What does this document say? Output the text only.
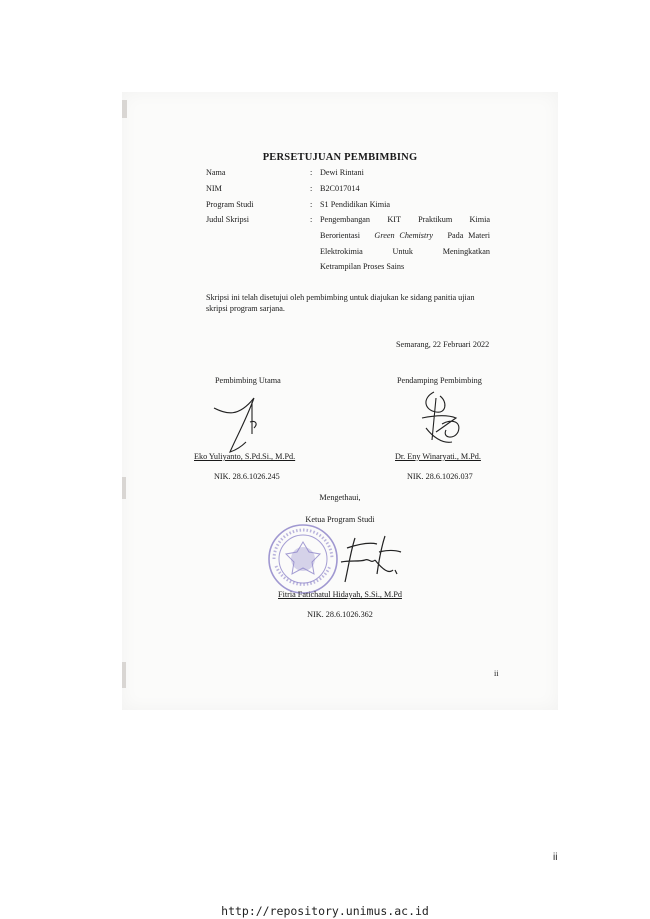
PERSETUJUAN PEMBIMBING
Nama	: Dewi Rintani
NIM	: B2C017014
Program Studi	: S1 Pendidikan Kimia
Judul Skripsi	: Pengembangan KIT Praktikum Kimia
Berorientasi Green Chemistry Pada Materi
Elektrokimia Untuk Meningkatkan
Ketrampilan Proses Sains
Skripsi ini telah disetujui oleh pembimbing untuk diajukan ke sidang panitia ujian
skripsi program sarjana.
Semarang, 22 Februari 2022
Pembimbing Utama
Eko Yuliyanto, S.Pd.Si., M.Pd.
NIK. 28.6.1026.245
Pendamping Pembimbing
Dr. Eny Winaryati., M.Pd.
NIK. 28.6.1026.037
Mengethaui,
Ketua Program Studi
Fitria Fatichatul Hidayah, S.Si., M.Pd
NIK. 28.6.1026.362
ii
ii
http://repository.unimus.ac.id
